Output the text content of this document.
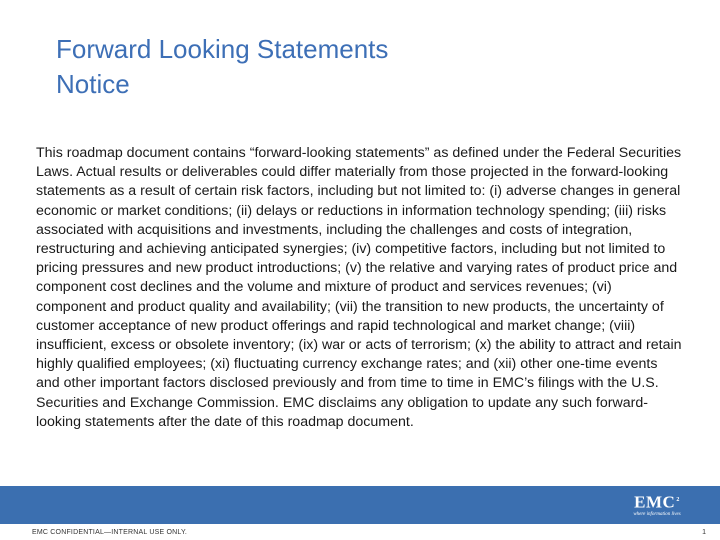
Forward Looking Statements
Notice

This roadmap document contains “forward-looking statements” as defined under the Federal Securities Laws. Actual results or deliverables could differ materially from those projected in the forward-looking statements as a result of certain risk factors, including but not limited to: (i) adverse changes in general economic or market conditions; (ii) delays or reductions in information technology spending; (iii) risks associated with acquisitions and investments, including the challenges and costs of integration, restructuring and achieving anticipated synergies; (iv) competitive factors, including but not limited to pricing pressures and new product introductions; (v) the relative and varying rates of product price and component cost declines and the volume and mixture of product and services revenues; (vi) component and product quality and availability; (vii) the transition to new products, the uncertainty of customer acceptance of new product offerings and rapid technological and market change; (viii) insufficient, excess or obsolete inventory; (ix) war or acts of terrorism; (x) the ability to attract and retain highly qualified employees; (xi) fluctuating currency exchange rates; and (xii) other one-time events and other important factors disclosed previously and from time to time in EMC’s filings with the U.S. Securities and Exchange Commission. EMC disclaims any obligation to update any such forward-looking statements after the date of this roadmap document.

EMC$^2$
where information lives
EMC CONFIDENTIAL—INTERNAL USE ONLY.	1
